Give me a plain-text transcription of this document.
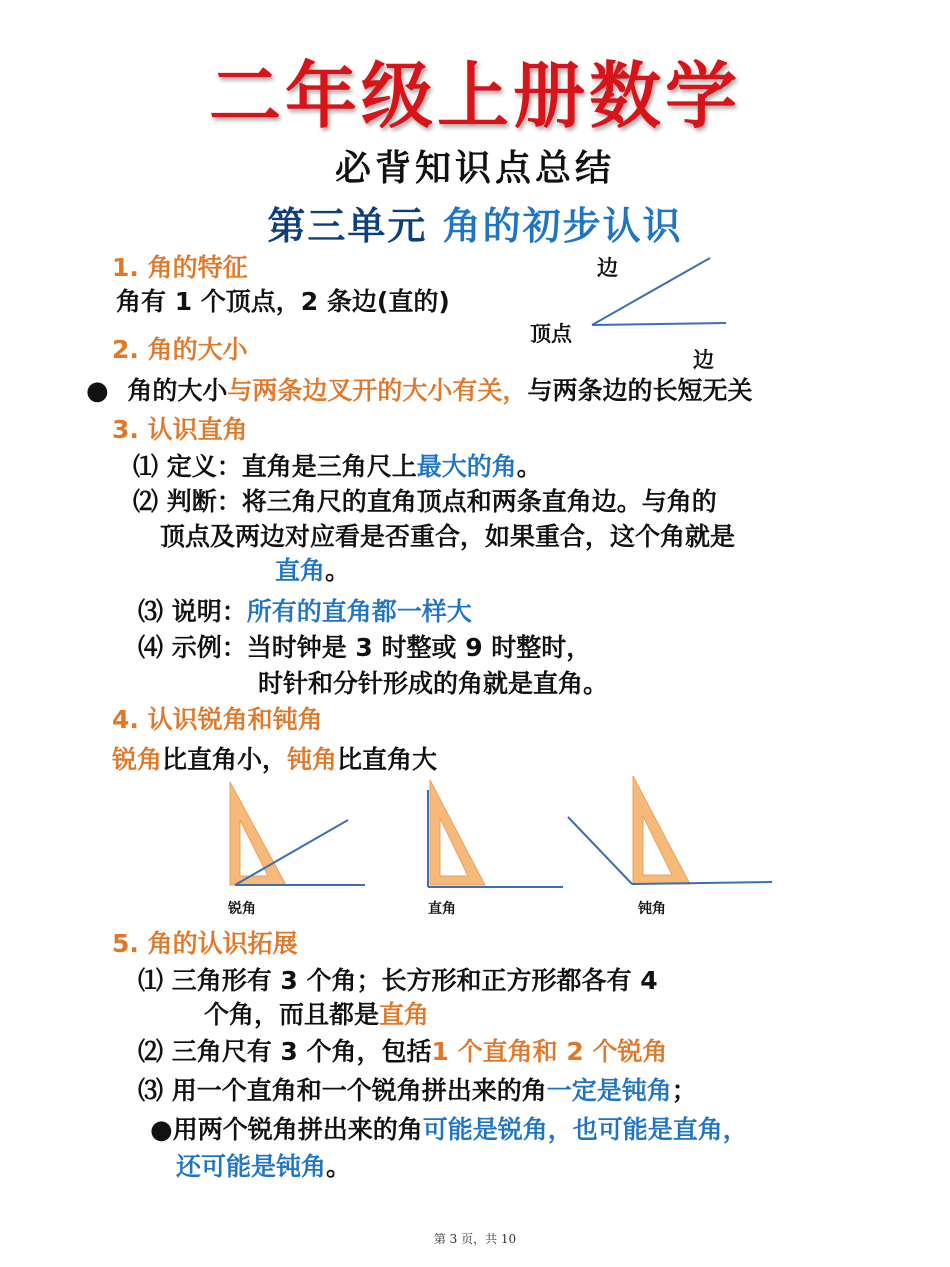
二年级上册数学
必背知识点总结
第三单元 角的初步认识
1. 角的特征
角有 1 个顶点，2 条边(直的)
边
顶点
边
2. 角的大小
● 角的大小与两条边叉开的大小有关，与两条边的长短无关
3. 认识直角
⑴ 定义：直角是三角尺上最大的角。
⑵ 判断：将三角尺的直角顶点和两条直角边。与角的
顶点及两边对应看是否重合，如果重合，这个角就是
直角。
⑶ 说明：所有的直角都一样大
⑷ 示例：当时钟是 3 时整或 9 时整时，
时针和分针形成的角就是直角。
4. 认识锐角和钝角
锐角比直角小，钝角比直角大
锐角	直角	钝角
5. 角的认识拓展
⑴ 三角形有 3 个角；长方形和正方形都各有 4
个角，而且都是直角
⑵ 三角尺有 3 个角，包括1 个直角和 2 个锐角
⑶ 用一个直角和一个锐角拼出来的角一定是钝角；
●用两个锐角拼出来的角可能是锐角，也可能是直角，
还可能是钝角。
第 3 页，共 10
